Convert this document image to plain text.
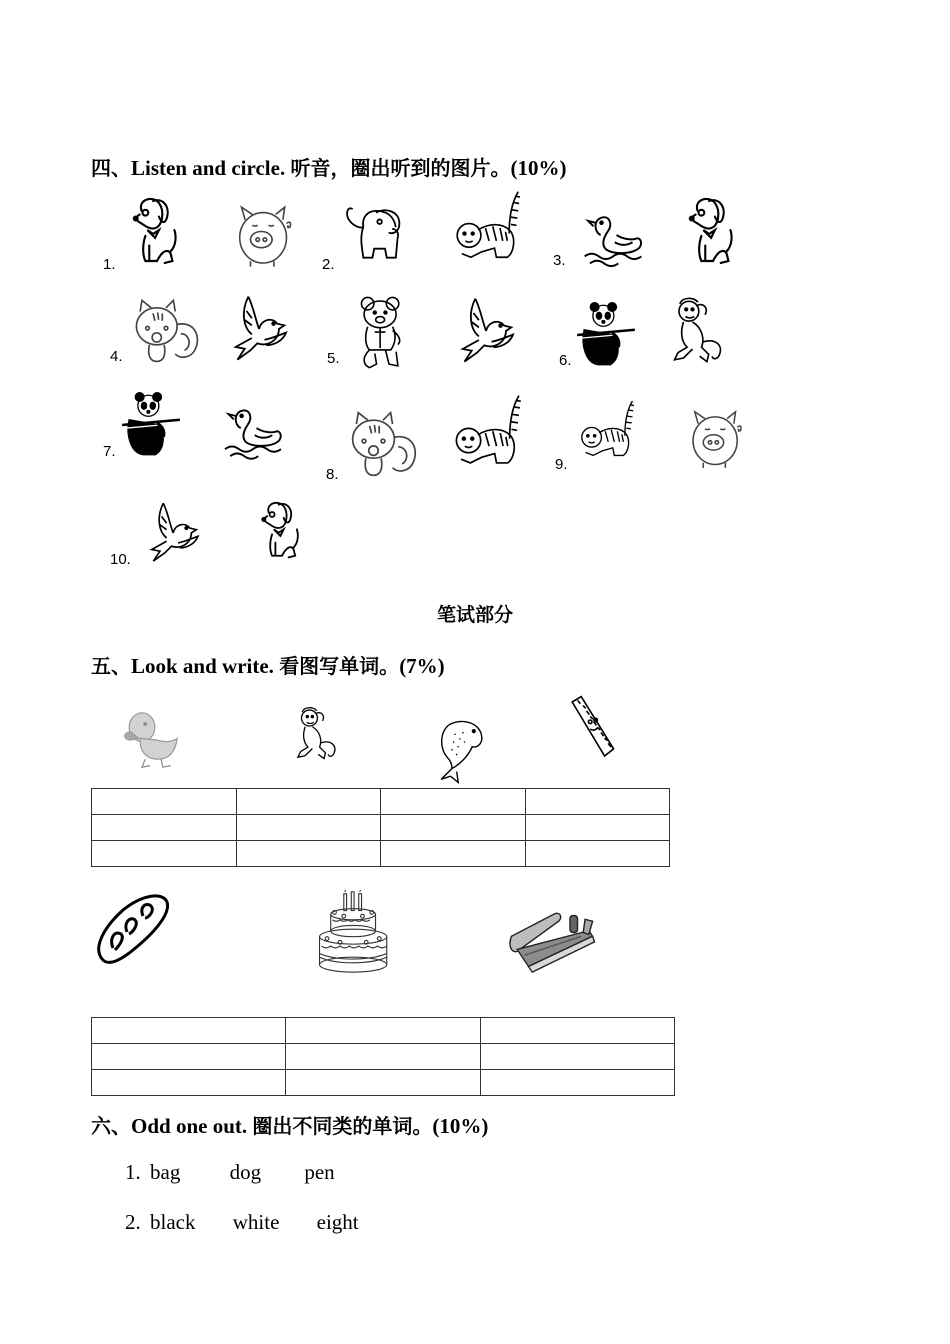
四、Listen and circle. 听音，圈出听到的图片。(10%)
1.	2.	3.
4.	5.	6.
7.
8.
9.
10.
笔试部分
五、Look and write. 看图写单词。(7%)

六、Odd one out. 圈出不同类的单词。(10%)
1. bag dog pen
2. black white eight
